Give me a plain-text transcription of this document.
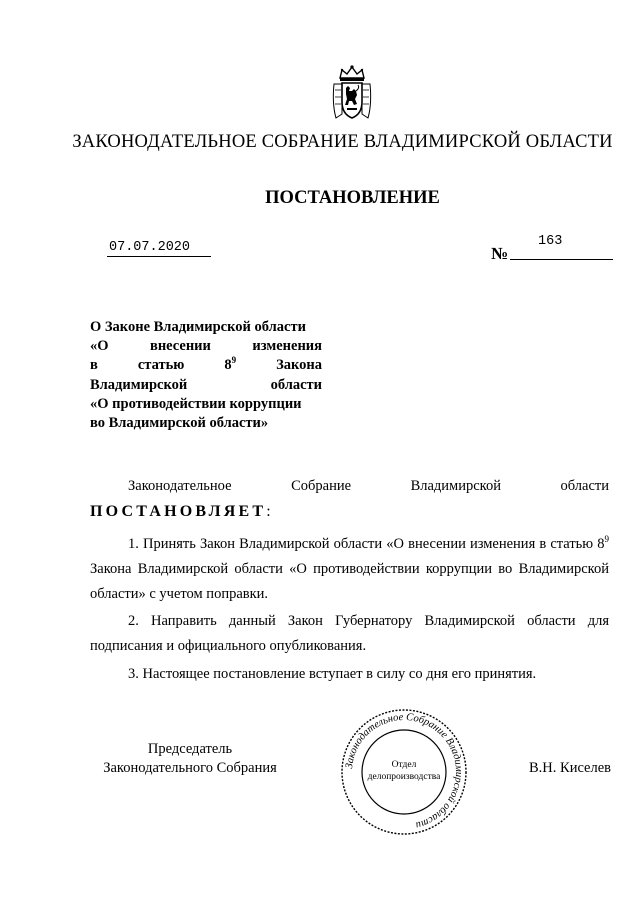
ЗАКОНОДАТЕЛЬНОЕ СОБРАНИЕ ВЛАДИМИРСКОЙ ОБЛАСТИ
ПОСТАНОВЛЕНИЕ
07.07.2020	163
№
О Законе Владимирской области
«О	внесении	изменения
в	статью	$8^9$	Закона
Владимирской	области
«О противодействии коррупции
во Владимирской области»
Законодательное	Собрание	Владимирской	области
ПОСТАНОВЛЯЕТ:
1. Принять Закон Владимирской области «О внесении изменения в статью $8^9$ Закона Владимирской области «О противодействии коррупции во Владимирской области» с учетом поправки.
2. Направить данный Закон Губернатору Владимирской области для подписания и официального опубликования.
3. Настоящее постановление вступает в силу со дня его принятия.
Председатель
Законодательного Собрания	В.Н. Киселев
Законодательное Собрание Владимирской области
Отдел
делопроизводства
